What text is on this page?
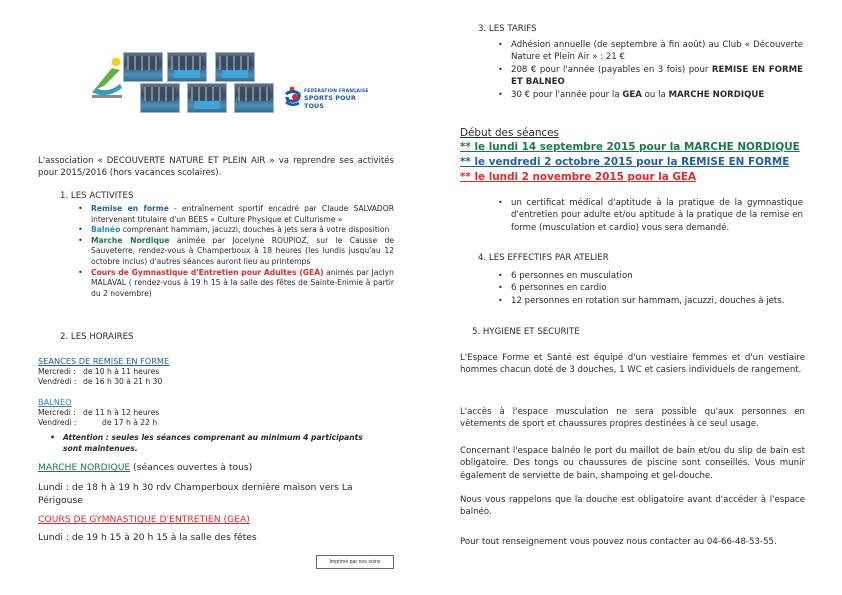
FÉDÉRATION FRANÇAISE
SPORTS POUR TOUS

L'association « DECOUVERTE NATURE ET PLEIN AIR » va reprendre ses activités pour 2015/2016 (hors vacances scolaires).

1. LES ACTIVITES

• Remise en forme - entraînement sportif encadré par Claude SALVADOR intervenant titulaire d'un BEES « Culture Physique et Culturisme »
• Balnéo comprenant hammam, jacuzzi, douches à jets sera à votre disposition
• Marche Nordique animée par Jocelyne ROUPIOZ, sur le Causse de Sauveterre, rendez-vous à Champerboux à 18 heures (les lundis jusqu'au 12 octobre inclus) d'autres séances auront lieu au printemps
• Cours de Gymnastique d'Entretien pour Adultes (GEA) animés par Jaclyn MALAVAL ( rendez-vous à 19 h 15 à la salle des fêtes de Sainte-Enimie à partir du 2 novembre)

2. LES HORAIRES

SEANCES DE REMISE EN FORME
Mercredi : de 10 h à 11 heures
Vendredi : de 16 h 30 à 21 h 30
BALNEO
Mercredi : de 11 h à 12 heures
Vendredi :	de 17 h à 22 h
• Attention : seules les séances comprenant au minimum 4 participants sont maintenues.
MARCHE NORDIQUE (séances ouvertes à tous)

Lundi : de 18 h à 19 h 30 rdv Champerboux dernière maison vers La Périgouse

COURS DE GYMNASTIQUE D'ENTRETIEN (GEA)

Lundi : de 19 h 15 à 20 h 15 à la salle des fêtes

Imprimé par nos soins

3. LES TARIFS

• Adhésion annuelle (de septembre à fin août) au Club « Découverte Nature et Plein Air » : 21 €
• 208 € pour l'année (payables en 3 fois) pour REMISE EN FORME ET BALNEO
• 30 € pour l'année pour la GEA ou la MARCHE NORDIQUE
Début des séances
** le lundi 14 septembre 2015 pour la MARCHE NORDIQUE
** le vendredi 2 octobre 2015 pour la REMISE EN FORME
** le lundi 2 novembre 2015 pour la GEA
• un certificat médical d'aptitude à la pratique de la gymnastique d'entretien pour adulte et/ou aptitude à la pratique de la remise en forme (musculation et cardio) vous sera demandé.

4. LES EFFECTIFS PAR ATELIER

• 6 personnes en musculation
• 6 personnes en cardio
• 12 personnes en rotation sur hammam, jacuzzi, douches à jets.

5. HYGIENE ET SECURITE

L'Espace Forme et Santé est équipé d'un vestiaire femmes et d'un vestiaire hommes chacun doté de 3 douches, 1 WC et casiers individuels de rangement.

L'accès à l'espace musculation ne sera possible qu'aux personnes en vêtements de sport et chaussures propres destinées à ce seul usage.

Concernant l'espace balnéo le port du maillot de bain et/ou du slip de bain est obligatoire. Des tongs ou chaussures de piscine sont conseillés. Vous munir également de serviette de bain, shampoing et gel-douche.

Nous vous rappelons que la douche est obligatoire avant d'accéder à l'espace balnéo.

Pour tout renseignement vous pouvez nous contacter au 04-66-48-53-55.
